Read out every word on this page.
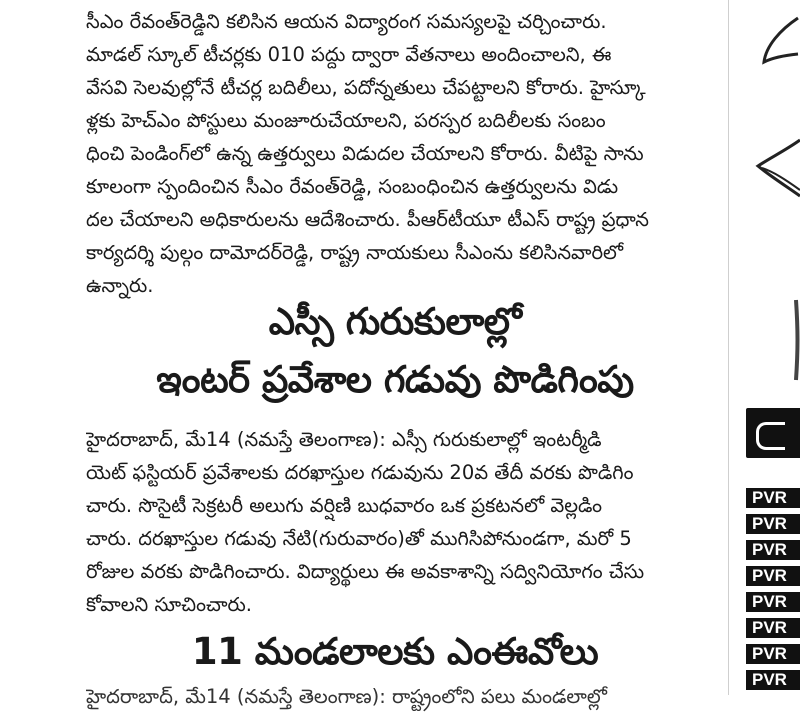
సీఎం రేవంత్‌రెడ్డిని కలిసిన ఆయన విద్యారంగ సమస్యలపై చర్చించారు.
మాడల్ స్కూల్ టీచర్లకు 010 పద్దు ద్వారా వేతనాలు అందించాలని, ఈ
వేసవి సెలవుల్లోనే టీచర్ల బదిలీలు, పదోన్నతులు చేపట్టాలని కోరారు. హైస్కూ
ళ్లకు హెచ్‌ఎం పోస్టులు మంజూరుచేయాలని, పరస్పర బదిలీలకు సంబం
ధించి పెండింగ్‌లో ఉన్న ఉత్తర్వులు విడుదల చేయాలని కోరారు. వీటిపై సాను
కూలంగా స్పందించిన సీఎం రేవంత్‌రెడ్డి, సంబంధించిన ఉత్తర్వులను విడు
దల చేయాలని అధికారులను ఆదేశించారు. పీఆర్‌టీయూ టీఎస్ రాష్ట్ర ప్రధాన
కార్యదర్శి పుల్గం దామోదర్‌రెడ్డి, రాష్ట్ర నాయకులు సీఎంను కలిసినవారిలో
ఉన్నారు.
ఎస్సీ గురుకులాల్లో
ఇంటర్ ప్రవేశాల గడువు పొడిగింపు
హైదరాబాద్, మే14 (నమస్తే తెలంగాణ): ఎస్సీ గురుకులాల్లో ఇంటర్మీడి
యెట్ ఫస్టియర్ ప్రవేశాలకు దరఖాస్తుల గడువును 20వ తేదీ వరకు పొడిగిం
చారు. సొసైటీ సెక్రటరీ అలుగు వర్షిణి బుధవారం ఒక ప్రకటనలో వెల్లడిం
చారు. దరఖాస్తుల గడువు నేటి(గురువారం)తో ముగిసిపోనుండగా, మరో 5
రోజుల వరకు పొడిగించారు. విద్యార్థులు ఈ అవకాశాన్ని సద్వినియోగం చేసు
కోవాలని సూచించారు.
11 మండలాలకు ఎంఈవోలు
హైదరాబాద్, మే14 (నమస్తే తెలంగాణ): రాష్ట్రంలోని పలు మండలాల్లో
PVR
PVR
PVR
PVR
PVR
PVR
PVR
PVR
